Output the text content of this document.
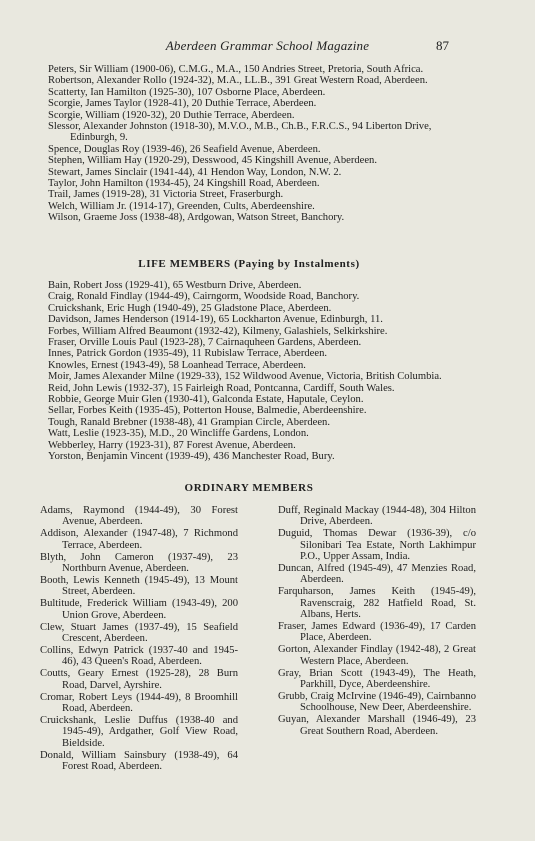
Aberdeen Grammar School Magazine	87
Peters, Sir William (1900-06), C.M.G., M.A., 150 Andries Street, Pretoria, South Africa.
Robertson, Alexander Rollo (1924-32), M.A., LL.B., 391 Great Western Road, Aberdeen.
Scatterty, Ian Hamilton (1925-30), 107 Osborne Place, Aberdeen.
Scorgie, James Taylor (1928-41), 20 Duthie Terrace, Aberdeen.
Scorgie, William (1920-32), 20 Duthie Terrace, Aberdeen.
Slessor, Alexander Johnston (1918-30), M.V.O., M.B., Ch.B., F.R.C.S., 94 Liberton Drive, Edinburgh, 9.
Spence, Douglas Roy (1939-46), 26 Seafield Avenue, Aberdeen.
Stephen, William Hay (1920-29), Desswood, 45 Kingshill Avenue, Aberdeen.
Stewart, James Sinclair (1941-44), 41 Hendon Way, London, N.W. 2.
Taylor, John Hamilton (1934-45), 24 Kingshill Road, Aberdeen.
Trail, James (1919-28), 31 Victoria Street, Fraserburgh.
Welch, William Jr. (1914-17), Greenden, Cults, Aberdeenshire.
Wilson, Graeme Joss (1938-48), Ardgowan, Watson Street, Banchory.
LIFE MEMBERS (Paying by Instalments)
Bain, Robert Joss (1929-41), 65 Westburn Drive, Aberdeen.
Craig, Ronald Findlay (1944-49), Cairngorm, Woodside Road, Banchory.
Cruickshank, Eric Hugh (1940-49), 25 Gladstone Place, Aberdeen.
Davidson, James Henderson (1914-19), 65 Lockharton Avenue, Edinburgh, 11.
Forbes, William Alfred Beaumont (1932-42), Kilmeny, Galashiels, Selkirkshire.
Fraser, Orville Louis Paul (1923-28), 7 Cairnaquheen Gardens, Aberdeen.
Innes, Patrick Gordon (1935-49), 11 Rubislaw Terrace, Aberdeen.
Knowles, Ernest (1943-49), 58 Loanhead Terrace, Aberdeen.
Moir, James Alexander Milne (1929-33), 152 Wildwood Avenue, Victoria, British Columbia.
Reid, John Lewis (1932-37), 15 Fairleigh Road, Pontcanna, Cardiff, South Wales.
Robbie, George Muir Glen (1930-41), Galconda Estate, Haputale, Ceylon.
Sellar, Forbes Keith (1935-45), Potterton House, Balmedie, Aberdeenshire.
Tough, Ranald Brebner (1938-48), 41 Grampian Circle, Aberdeen.
Watt, Leslie (1923-35), M.D., 20 Wincliffe Gardens, London.
Webberley, Harry (1923-31), 87 Forest Avenue, Aberdeen.
Yorston, Benjamin Vincent (1939-49), 436 Manchester Road, Bury.
ORDINARY MEMBERS
Adams, Raymond (1944-49), 30 Forest Avenue, Aberdeen.
Addison, Alexander (1947-48), 7 Richmond Terrace, Aberdeen.
Blyth, John Cameron (1937-49), 23 Northburn Avenue, Aberdeen.
Booth, Lewis Kenneth (1945-49), 13 Mount Street, Aberdeen.
Bultitude, Frederick William (1943-49), 200 Union Grove, Aberdeen.
Clew, Stuart James (1937-49), 15 Seafield Crescent, Aberdeen.
Collins, Edwyn Patrick (1937-40 and 1945-46), 43 Queen's Road, Aberdeen.
Coutts, Geary Ernest (1925-28), 28 Burn Road, Darvel, Ayrshire.
Cromar, Robert Leys (1944-49), 8 Broomhill Road, Aberdeen.
Cruickshank, Leslie Duffus (1938-40 and 1945-49), Ardgather, Golf View Road, Bieldside.
Donald, William Sainsbury (1938-49), 64 Forest Road, Aberdeen.
Duff, Reginald Mackay (1944-48), 304 Hilton Drive, Aberdeen.
Duguid, Thomas Dewar (1936-39), c/o Silonibari Tea Estate, North Lakhimpur P.O., Upper Assam, India.
Duncan, Alfred (1945-49), 47 Menzies Road, Aberdeen.
Farquharson, James Keith (1945-49), Ravenscraig, 282 Hatfield Road, St. Albans, Herts.
Fraser, James Edward (1936-49), 17 Carden Place, Aberdeen.
Gorton, Alexander Findlay (1942-48), 2 Great Western Place, Aberdeen.
Gray, Brian Scott (1943-49), The Heath, Parkhill, Dyce, Aberdeenshire.
Grubb, Craig McIrvine (1946-49), Cairnbanno Schoolhouse, New Deer, Aberdeenshire.
Guyan, Alexander Marshall (1946-49), 23 Great Southern Road, Aberdeen.
